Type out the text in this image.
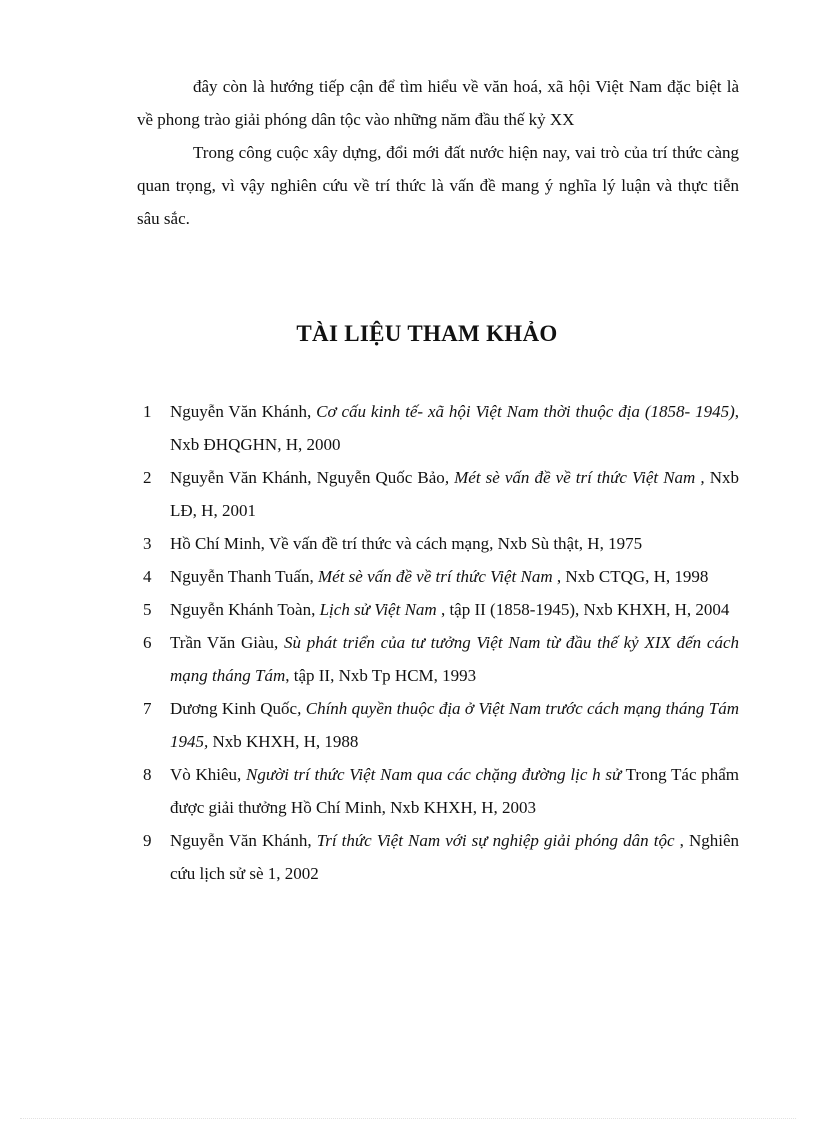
đây còn là hướng tiếp cận để tìm hiểu về văn hoá, xã hội Việt Nam đặc biệt là về phong trào giải phóng dân tộc vào những năm đầu thế kỷ XX

Trong công cuộc xây dựng, đổi mới đất nước hiện nay, vai trò của trí thức càng quan trọng, vì vậy nghiên cứu về trí thức là vấn đề mang ý nghĩa lý luận và thực tiễn sâu sắc.

TÀI LIỆU THAM KHẢO
1	Nguyễn Văn Khánh, Cơ cấu kinh tế- xã hội Việt Nam thời thuộc địa (1858- 1945), Nxb ĐHQGHN, H, 2000
2	Nguyễn Văn Khánh, Nguyễn Quốc Bảo, Mét sè vấn đề về trí thức Việt Nam , Nxb LĐ, H, 2001
3	Hồ Chí Minh, Về vấn đề trí thức và cách mạng, Nxb Sù thật, H, 1975
4	Nguyễn Thanh Tuấn, Mét sè vấn đề về trí thức Việt Nam , Nxb CTQG, H, 1998
5	Nguyễn Khánh Toàn, Lịch sử Việt Nam , tập II (1858-1945), Nxb KHXH, H, 2004
6	Trần Văn Giàu, Sù phát triển của tư tưởng Việt Nam từ đầu thế kỷ XIX đến cách mạng tháng Tám, tập II, Nxb Tp HCM, 1993
7	Dương Kinh Quốc, Chính quyền thuộc địa ở Việt Nam trước cách mạng tháng Tám 1945, Nxb KHXH, H, 1988
8	Vò Khiêu, Người trí thức Việt Nam qua các chặng đường lịc h sử Trong Tác phẩm được giải thưởng Hồ Chí Minh, Nxb KHXH, H, 2003
9	Nguyễn Văn Khánh, Trí thức Việt Nam với sự nghiệp giải phóng dân tộc , Nghiên cứu lịch sử sè 1, 2002
